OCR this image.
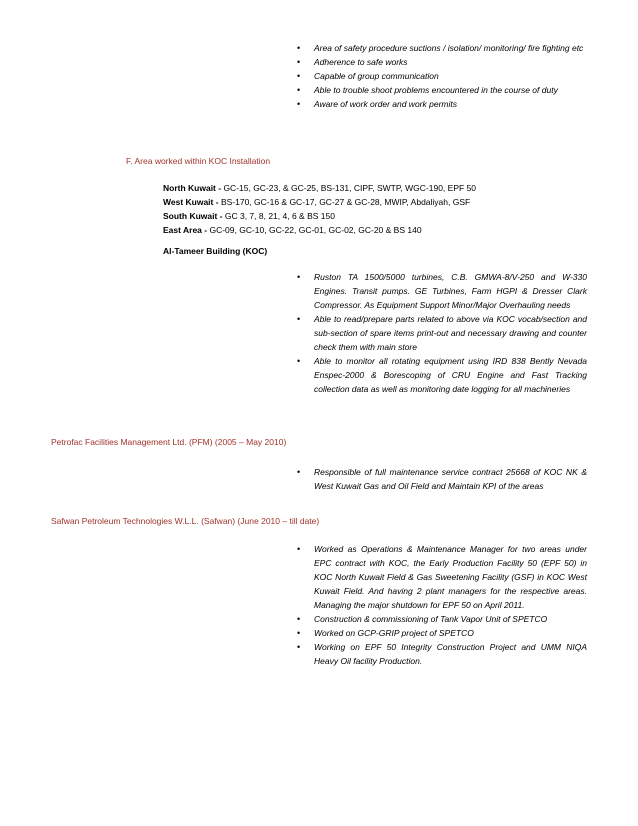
• Area of safety procedure suctions / isolation/ monitoring/ fire fighting etc
• Adherence to safe works
• Capable of group communication
• Able to trouble shoot problems encountered in the course of duty
• Aware of work order and work permits
F. Area worked within KOC Installation
North Kuwait - GC-15, GC-23, & GC-25, BS-131, CIPF, SWTP, WGC-190, EPF 50
West Kuwait - BS-170, GC-16 & GC-17, GC-27 & GC-28, MWIP, Abdaliyah, GSF
South Kuwait - GC 3, 7, 8, 21, 4, 6 & BS 150
East Area - GC-09, GC-10, GC-22, GC-01, GC-02, GC-20 & BS 140
Al-Tameer Building (KOC)
• Ruston TA 1500/5000 turbines, C.B. GMWA-8/V-250 and W-330 Engines. Transit pumps. GE Turbines, Farm HGPI & Dresser Clark Compressor. As Equipment Support Minor/Major Overhauling needs
• Able to read/prepare parts related to above via KOC vocab/section and sub-section of spare items print-out and necessary drawing and counter check them with main store
• Able to monitor all rotating equipment using IRD 838 Bently Nevada Enspec-2000 & Borescoping of CRU Engine and Fast Tracking collection data as well as monitoring date logging for all machineries
Petrofac Facilities Management Ltd. (PFM) (2005 – May 2010)
• Responsible of full maintenance service contract 25668 of KOC NK & West Kuwait Gas and Oil Field and Maintain KPI of the areas
Safwan Petroleum Technologies W.L.L. (Safwan) (June 2010 – till date)
• Worked as Operations & Maintenance Manager for two areas under EPC contract with KOC, the Early Production Facility 50 (EPF 50) in KOC North Kuwait Field & Gas Sweetening Facility (GSF) in KOC West Kuwait Field. And having 2 plant managers for the respective areas. Managing the major shutdown for EPF 50 on April 2011.
• Construction & commissioning of Tank Vapor Unit of SPETCO
• Worked on GCP-GRIP project of SPETCO
• Working on EPF 50 Integrity Construction Project and UMM NIQA Heavy Oil facility Production.
